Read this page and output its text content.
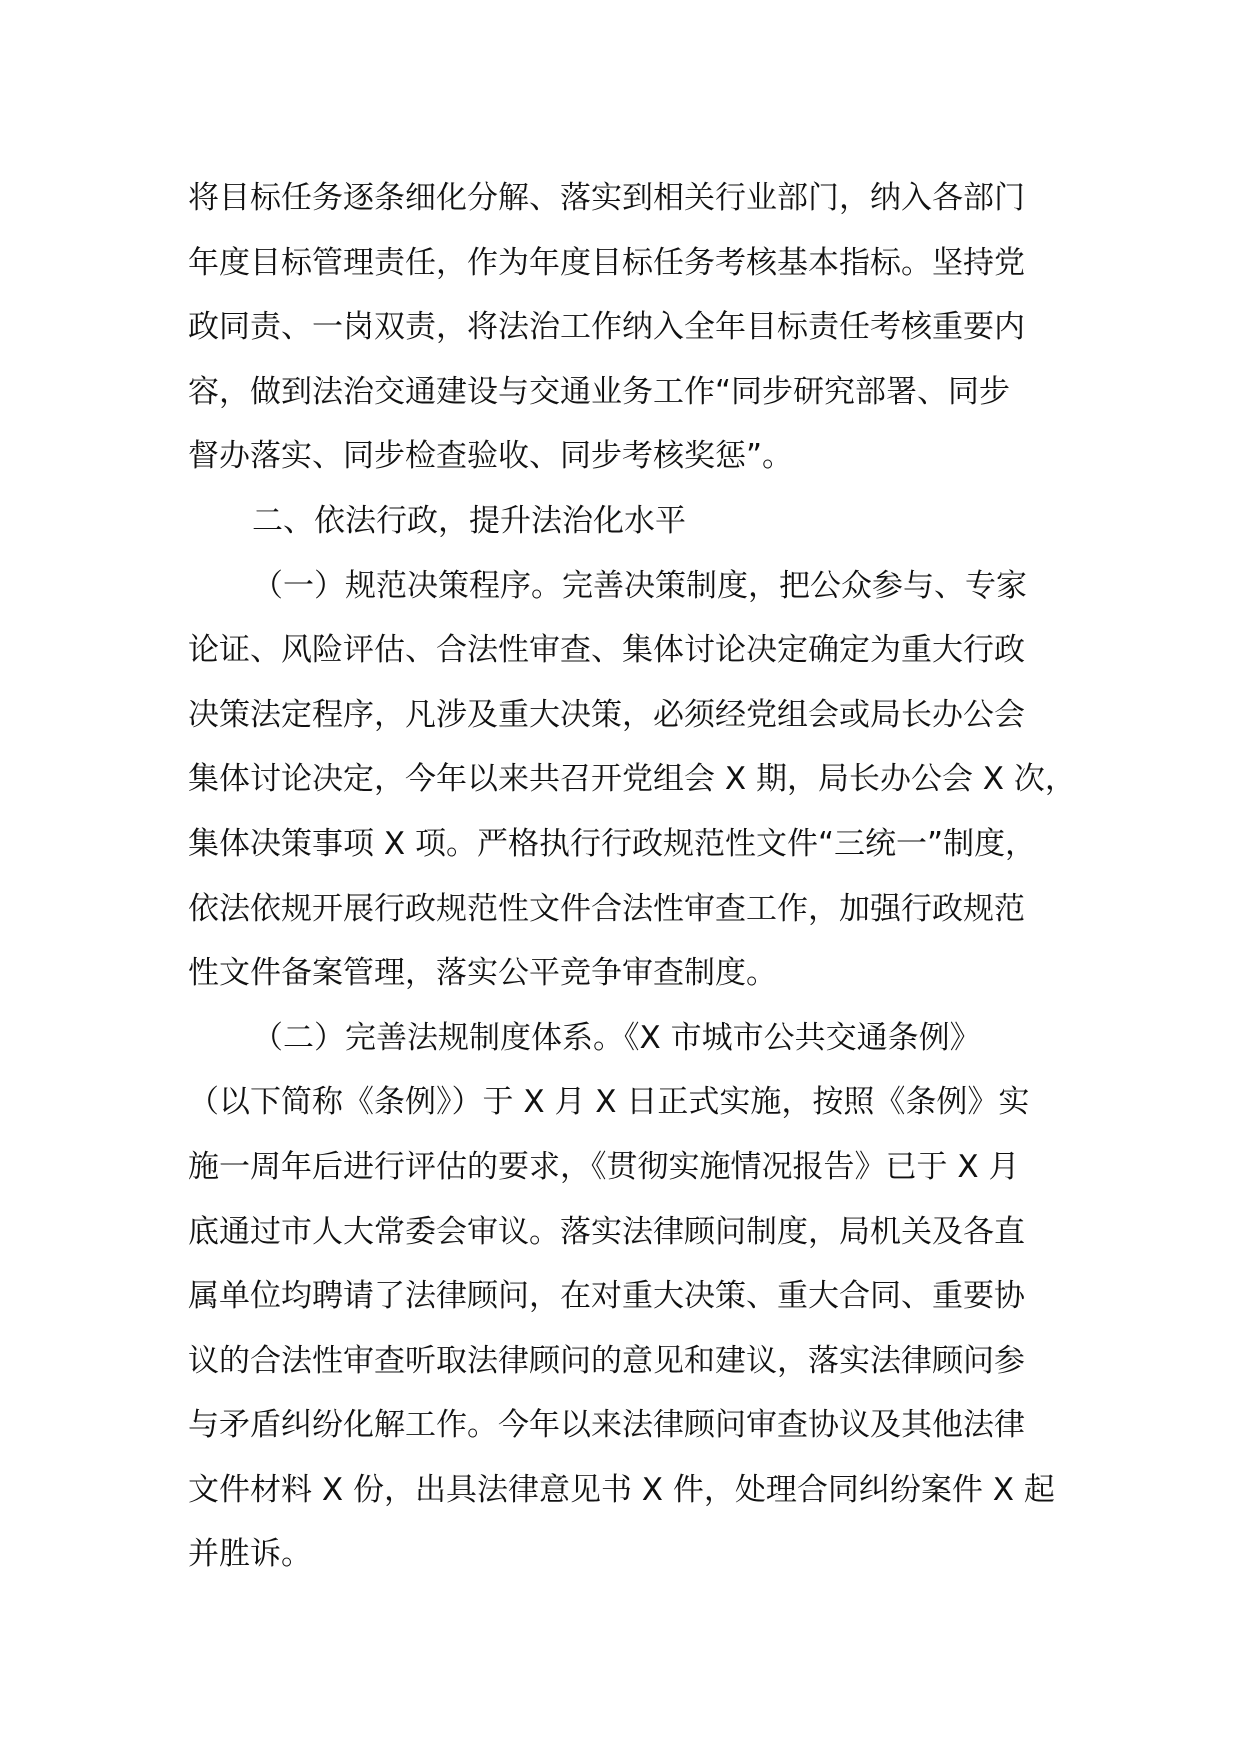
将目标任务逐条细化分解、落实到相关行业部门，纳入各部门
年度目标管理责任，作为年度目标任务考核基本指标。坚持党
政同责、一岗双责，将法治工作纳入全年目标责任考核重要内
容，做到法治交通建设与交通业务工作“同步研究部署、同步
督办落实、同步检查验收、同步考核奖惩”。

二、依法行政，提升法治化水平

（一）规范决策程序。完善决策制度，把公众参与、专家
论证、风险评估、合法性审查、集体讨论决定确定为重大行政
决策法定程序，凡涉及重大决策，必须经党组会或局长办公会
集体讨论决定，今年以来共召开党组会 X 期，局长办公会 X 次，
集体决策事项 X 项。严格执行行政规范性文件“三统一”制度，
依法依规开展行政规范性文件合法性审查工作，加强行政规范
性文件备案管理，落实公平竞争审查制度。

（二）完善法规制度体系。《X 市城市公共交通条例》
（以下简称《条例》）于 X 月 X 日正式实施，按照《条例》实
施一周年后进行评估的要求，《贯彻实施情况报告》已于 X 月
底通过市人大常委会审议。落实法律顾问制度，局机关及各直
属单位均聘请了法律顾问，在对重大决策、重大合同、重要协
议的合法性审查听取法律顾问的意见和建议，落实法律顾问参
与矛盾纠纷化解工作。今年以来法律顾问审查协议及其他法律
文件材料 X 份，出具法律意见书 X 件，处理合同纠纷案件 X 起
并胜诉。
